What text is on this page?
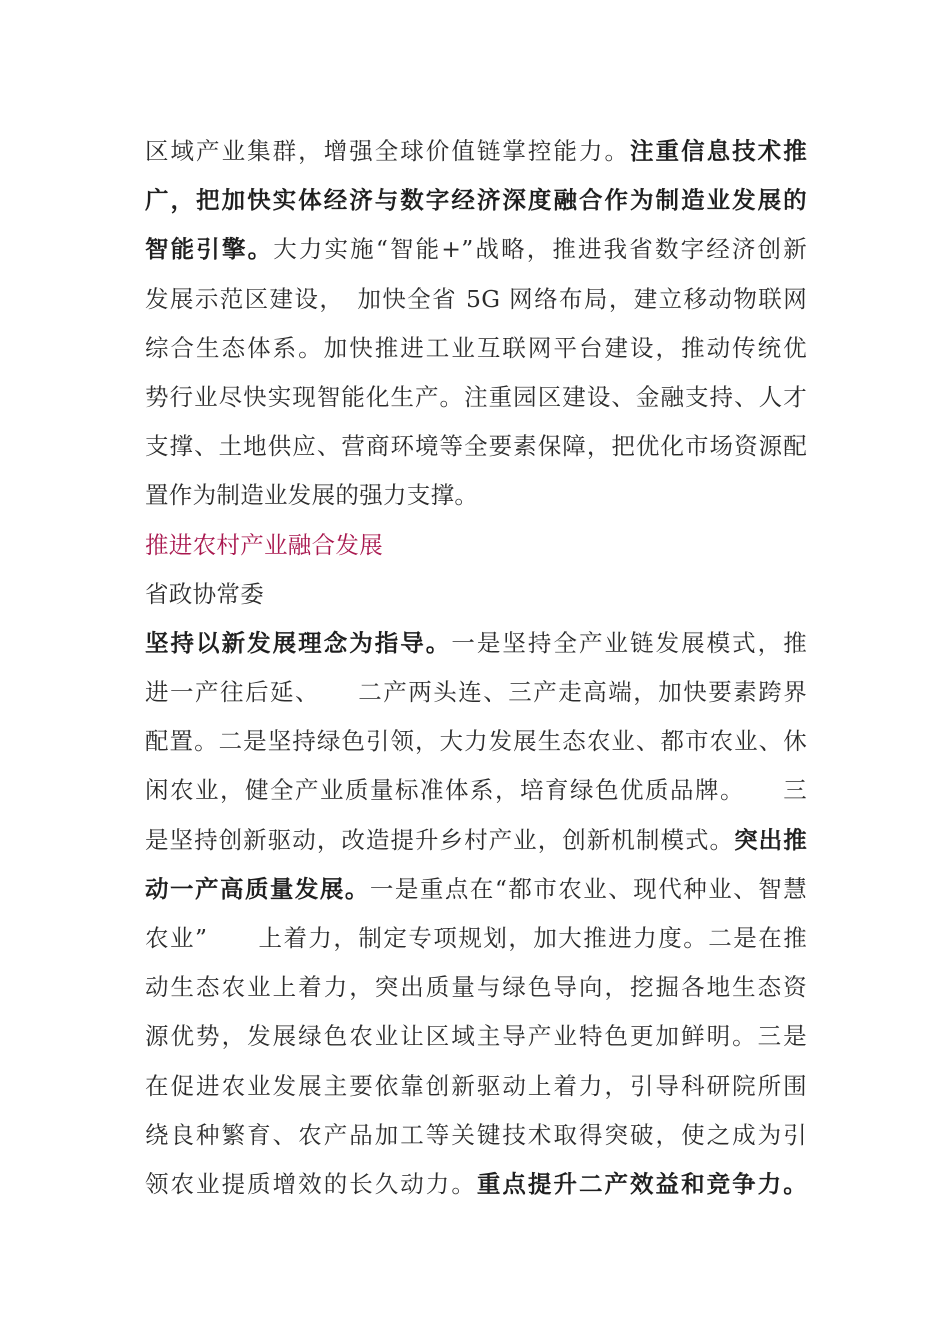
区域产业集群，增强全球价值链掌控能力。注重信息技术推
广，把加快实体经济与数字经济深度融合作为制造业发展的
智能引擎。大力实施“智能+”战略，推进我省数字经济创新
发展示范区建设，　加快全省 5G 网络布局，建立移动物联网
综合生态体系。加快推进工业互联网平台建设，推动传统优
势行业尽快实现智能化生产。注重园区建设、金融支持、人才
支撑、土地供应、营商环境等全要素保障，把优化市场资源配
置作为制造业发展的强力支撑。
推进农村产业融合发展
省政协常委
坚持以新发展理念为指导。一是坚持全产业链发展模式，推
进一产往后延、　　二产两头连、三产走高端，加快要素跨界
配置。二是坚持绿色引领，大力发展生态农业、都市农业、休
闲农业，健全产业质量标准体系，培育绿色优质品牌。　　三
是坚持创新驱动，改造提升乡村产业，创新机制模式。突出推
动一产高质量发展。一是重点在“都市农业、现代种业、智慧
农业”　　上着力，制定专项规划，加大推进力度。二是在推
动生态农业上着力，突出质量与绿色导向，挖掘各地生态资
源优势，发展绿色农业让区域主导产业特色更加鲜明。三是
在促进农业发展主要依靠创新驱动上着力，引导科研院所围
绕良种繁育、农产品加工等关键技术取得突破，使之成为引
领农业提质增效的长久动力。重点提升二产效益和竞争力。
